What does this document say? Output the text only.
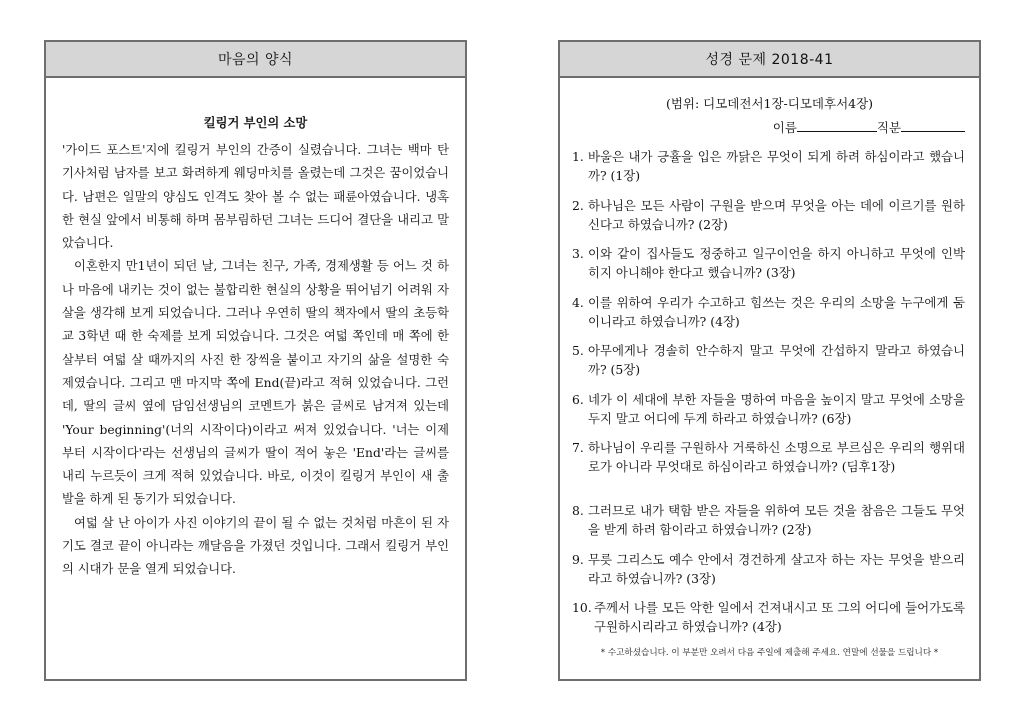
마음의 양식
킬링거 부인의 소망

'가이드 포스트'지에 킬링거 부인의 간증이 실렸습니다. 그녀는 백마 탄 기사처럼 남자를 보고 화려하게 웨딩마치를 올렸는데 그것은 꿈이었습니다. 남편은 일말의 양심도 인격도 찾아 볼 수 없는 패륜아였습니다. 냉혹한 현실 앞에서 비통해 하며 몸부림하던 그녀는 드디어 결단을 내리고 말았습니다.

이혼한지 만1년이 되던 날, 그녀는 친구, 가족, 경제생활 등 어느 것 하나 마음에 내키는 것이 없는 불합리한 현실의 상황을 뛰어넘기 어려워 자살을 생각해 보게 되었습니다. 그러나 우연히 딸의 책자에서 딸의 초등학교 3학년 때 한 숙제를 보게 되었습니다. 그것은 여덟 쪽인데 매 쪽에 한 살부터 여덟 살 때까지의 사진 한 장씩을 붙이고 자기의 삶을 설명한 숙제였습니다. 그리고 맨 마지막 쪽에 End(끝)라고 적혀 있었습니다. 그런데, 딸의 글씨 옆에 담임선생님의 코멘트가 붉은 글씨로 남겨져 있는데 'Your beginning'(너의 시작이다)이라고 써져 있었습니다. '너는 이제부터 시작이다'라는 선생님의 글씨가 딸이 적어 놓은 'End'라는 글씨를 내리 누르듯이 크게 적혀 있었습니다. 바로, 이것이 킬링거 부인이 새 출발을 하게 된 동기가 되었습니다.

여덟 살 난 아이가 사진 이야기의 끝이 될 수 없는 것처럼 마흔이 된 자기도 결코 끝이 아니라는 깨달음을 가졌던 것입니다. 그래서 킬링거 부인의 시대가 문을 열게 되었습니다.

성경 문제 2018-41
(범위: 디모데전서1장-디모데후서4장)
이름	직분
1. 바울은 내가 긍휼을 입은 까닭은 무엇이 되게 하려 하심이라고 했습니까? (1장)
2. 하나님은 모든 사람이 구원을 받으며 무엇을 아는 데에 이르기를 원하신다고 하였습니까? (2장)
3. 이와 같이 집사들도 정중하고 일구이언을 하지 아니하고 무엇에 인박히지 아니해야 한다고 했습니까? (3장)
4. 이를 위하여 우리가 수고하고 힘쓰는 것은 우리의 소망을 누구에게 둠이니라고 하였습니까? (4장)
5. 아무에게나 경솔히 안수하지 말고 무엇에 간섭하지 말라고 하였습니까? (5장)
6. 네가 이 세대에 부한 자들을 명하여 마음을 높이지 말고 무엇에 소망을 두지 말고 어디에 두게 하라고 하였습니까? (6장)
7. 하나님이 우리를 구원하사 거룩하신 소명으로 부르심은 우리의 행위대로가 아니라 무엇대로 하심이라고 하였습니까? (딤후1장)
8. 그러므로 내가 택함 받은 자들을 위하여 모든 것을 참음은 그들도 무엇을 받게 하려 함이라고 하였습니까? (2장)
9. 무릇 그리스도 예수 안에서 경건하게 살고자 하는 자는 무엇을 받으리라고 하였습니까? (3장)
10. 주께서 나를 모든 악한 일에서 건져내시고 또 그의 어디에 들어가도록 구원하시리라고 하였습니까? (4장)
* 수고하셨습니다. 이 부분만 오려서 다음 주일에 제출해 주세요. 연말에 선물을 드립니다 *
